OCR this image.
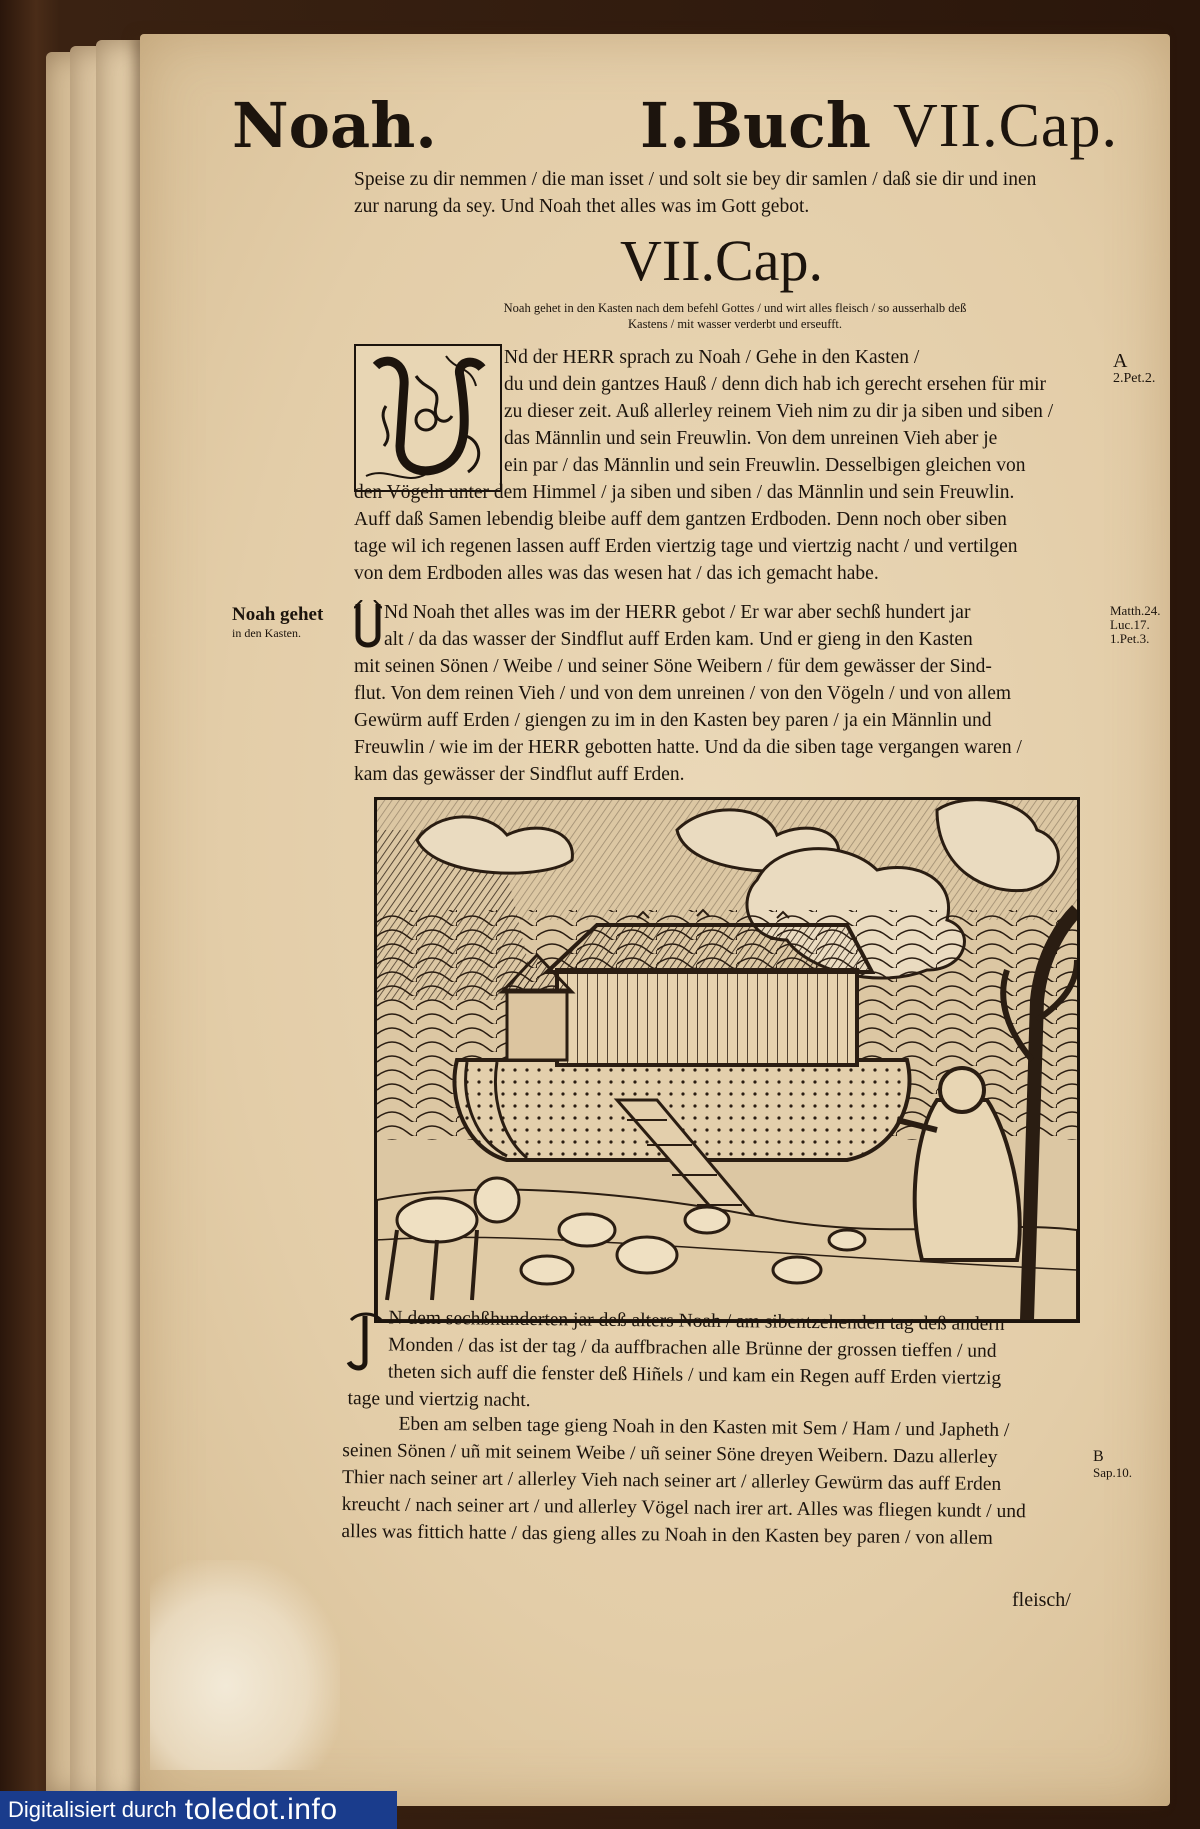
Noah.	I.Buch VII.Cap.

Speise zu dir nemmen / die man isset / und solt sie bey dir samlen / daß sie dir und inen

zur narung da sey. Und Noah thet alles was im Gott gebot.

VII.Cap.
Noah gehet in den Kasten nach dem befehl Gottes / und wirt alles fleisch / so ausserhalb deß
Kastens / mit wasser verderbt und erseufft.

Nd der HERR sprach zu Noah / Gehe in den Kasten /

du und dein gantzes Hauß / denn dich hab ich gerecht ersehen für mir

zu dieser zeit. Auß allerley reinem Vieh nim zu dir ja siben und siben /

das Männlin und sein Freuwlin. Von dem unreinen Vieh aber je

ein par / das Männlin und sein Freuwlin. Desselbigen gleichen von

den Vögeln unter dem Himmel / ja siben und siben / das Männlin und sein Freuwlin.

Auff daß Samen lebendig bleibe auff dem gantzen Erdboden. Denn noch ober siben

tage wil ich regenen lassen auff Erden viertzig tage und viertzig nacht / und vertilgen

von dem Erdboden alles was das wesen hat / das ich gemacht habe.

Nd Noah thet alles was im der HERR gebot / Er war aber sechß hundert jar

alt / da das wasser der Sindflut auff Erden kam. Und er gieng in den Kasten

mit seinen Sönen / Weibe / und seiner Söne Weibern / für dem gewässer der Sind-

flut. Von dem reinen Vieh / und von dem unreinen / von den Vögeln / und von allem

Gewürm auff Erden / giengen zu im in den Kasten bey paren / ja ein Männlin und

Freuwlin / wie im der HERR gebotten hatte. Und da die siben tage vergangen waren /

kam das gewässer der Sindflut auff Erden.

Noah gehet
in den Kasten.
A
2.Pet.2.
Matth.24.
Luc.17.
1.Pet.3.

N dem sechßhunderten jar deß alters Noah / am sibentzehenden tag deß andern

Monden / das ist der tag / da auffbrachen alle Brünne der grossen tieffen / und

theten sich auff die fenster deß Hiñels / und kam ein Regen auff Erden viertzig

tage und viertzig nacht.

Eben am selben tage gieng Noah in den Kasten mit Sem / Ham / und Japheth /

seinen Sönen / uñ mit seinem Weibe / uñ seiner Söne dreyen Weibern. Dazu allerley

Thier nach seiner art / allerley Vieh nach seiner art / allerley Gewürm das auff Erden

kreucht / nach seiner art / und allerley Vögel nach irer art. Alles was fliegen kundt / und

alles was fittich hatte / das gieng alles zu Noah in den Kasten bey paren / von allem

B
Sap.10.
fleisch/
Digitalisiert durch toledot.info
